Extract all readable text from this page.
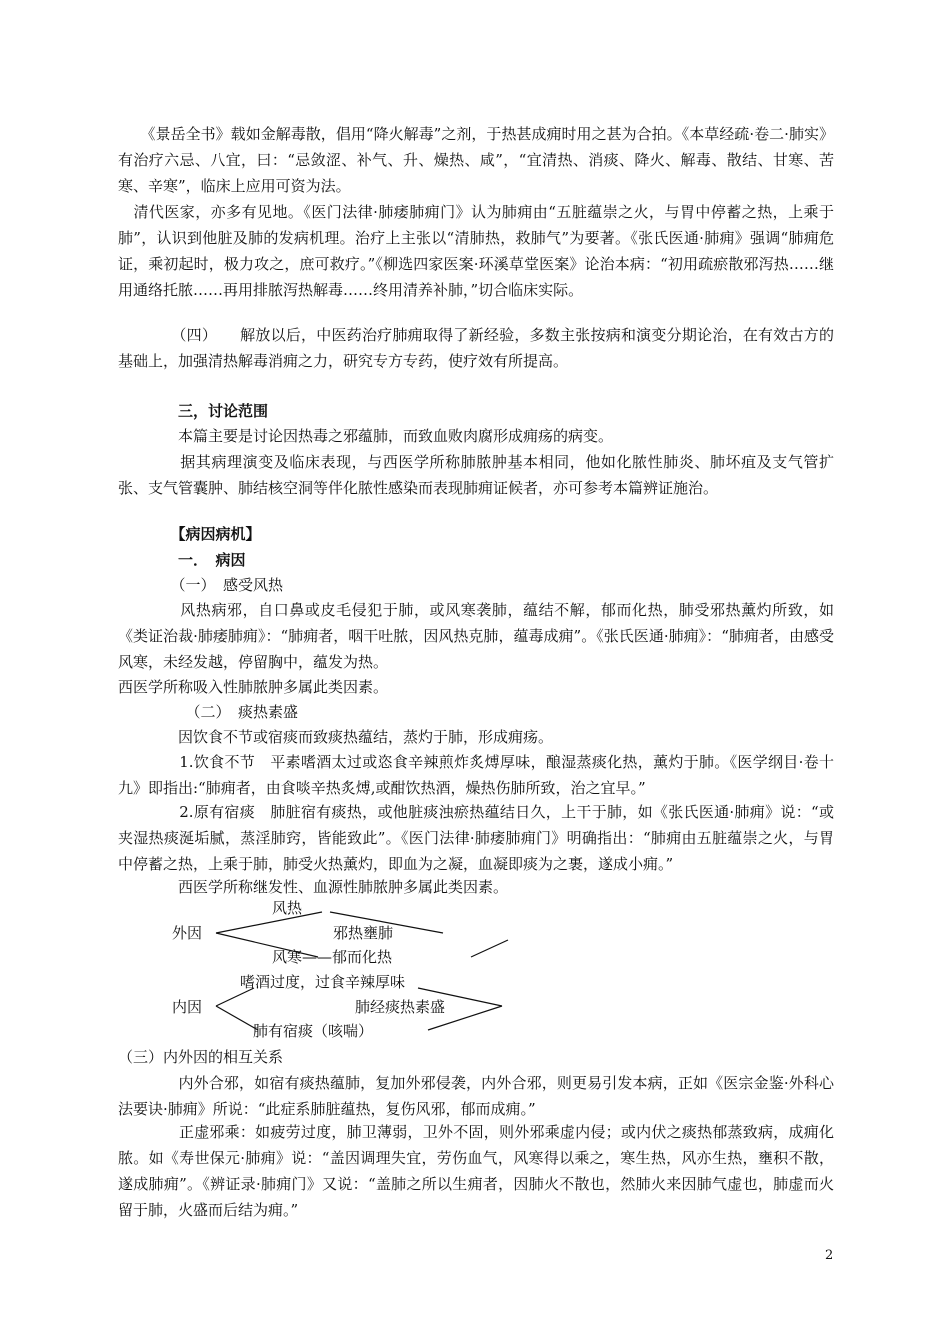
　　《景岳全书》载如金解毒散，倡用“降火解毒”之剂，于热甚成痈时用之甚为合拍。《本草经疏·卷二·肺实》有治疗六忌、八宜，曰：“忌敛涩、补气、升、燥热、咸”，“宜清热、消痰、降火、解毒、散结、甘寒、苦寒、辛寒”，临床上应用可资为法。

　清代医家，亦多有见地。《医门法律·肺痿肺痈门》认为肺痈由“五脏蕴崇之火，与胃中停蓄之热，上乘于肺”，认识到他脏及肺的发病机理。治疗上主张以“清肺热，救肺气”为要著。《张氏医通·肺痈》强调“肺痈危证，乘初起时，极力攻之，庶可救疗。”《柳选四家医案·环溪草堂医案》论治本病：“初用疏瘀散邪泻热……继用通络托脓……再用排脓泻热解毒……终用清养补肺，”切合临床实际。

　　　　（四）　　解放以后，中医药治疗肺痈取得了新经验，多数主张按病和演变分期论治，在有效古方的基础上，加强清热解毒消痈之力，研究专方专药，使疗效有所提高。

　　　　三，讨论范围

　　　　本篇主要是讨论因热毒之邪蕴肺，而致血败肉腐形成痈疡的病变。

　　　　据其病理演变及临床表现，与西医学所称肺脓肿基本相同，他如化脓性肺炎、肺坏疽及支气管扩张、支气管囊肿、肺结核空洞等伴化脓性感染而表现肺痈证候者，亦可参考本篇辨证施治。

　　　　【病因病机】

　　　　一．　病因

　　　　（一）　感受风热

　　　　风热病邪，自口鼻或皮毛侵犯于肺，或风寒袭肺，蕴结不解，郁而化热，肺受邪热薰灼所致，如《类证治裁·肺痿肺痈》：“肺痈者，咽干吐脓，因风热克肺，蕴毒成痈”。《张氏医通·肺痈》：“肺痈者，由感受风寒，未经发越，停留胸中，蕴发为热。

西医学所称吸入性肺脓肿多属此类因素。

　　　　　（二）　痰热素盛

　　　　因饮食不节或宿痰而致痰热蕴结，蒸灼于肺，形成痈疡。

　　　　1.饮食不节　平素嗜酒太过或恣食辛辣煎炸炙煿厚味，酿湿蒸痰化热，薰灼于肺。《医学纲目·卷十九》即指出:“肺痈者，由食啖辛热炙煿,或酣饮热酒，燥热伤肺所致，治之宜早。”

　　　　2.原有宿痰　肺脏宿有痰热，或他脏痰浊瘀热蕴结日久，上干于肺，如《张氏医通·肺痈》说：“或夹湿热痰涎垢腻，蒸淫肺窍，皆能致此”。《医门法律·肺痿肺痈门》明确指出：“肺痈由五脏蕴崇之火，与胃中停蓄之热，上乘于肺，肺受火热薰灼，即血为之凝，血凝即痰为之裹，遂成小痈。”

　　　　西医学所称继发性、血源性肺脓肿多属此类因素。

风热
外因	邪热壅肺
风寒——郁而化热
嗜酒过度，过食辛辣厚味
内因	肺经痰热素盛
肺有宿痰（咳喘）

（三）内外因的相互关系

　　　　内外合邪，如宿有痰热蕴肺，复加外邪侵袭，内外合邪，则更易引发本病，正如《医宗金鉴·外科心法要诀·肺痈》所说：“此症系肺脏蕴热，复伤风邪，郁而成痈。”

　　　　正虚邪乘：如疲劳过度，肺卫薄弱，卫外不固，则外邪乘虚内侵；或内伏之痰热郁蒸致病，成痈化脓。如《寿世保元·肺痈》说：“盖因调理失宜，劳伤血气，风寒得以乘之，寒生热，风亦生热，壅积不散，遂成肺痈”。《辨证录·肺痈门》又说：“盖肺之所以生痈者，因肺火不散也，然肺火来因肺气虚也，肺虚而火留于肺，火盛而后结为痈。”

2
